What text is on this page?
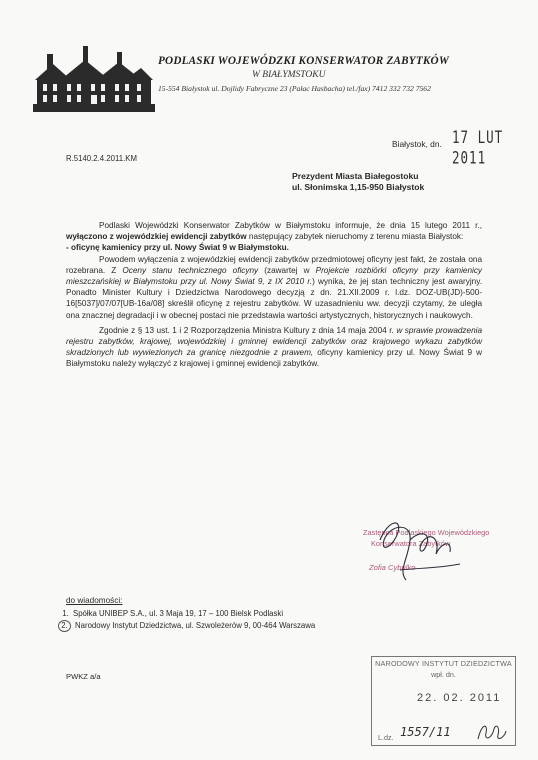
PODLASKI WOJEWÓDZKI KONSERWATOR ZABYTKÓW
W BIAŁYMSTOKU
15-554 Białystok ul. Dojlidy Fabryczne 23 (Pałac Hasbacha) tel./fax) 7412 332 732 7562
Białystok, dn. 17 LUT 2011
R.5140.2.4.2011.KM
Prezydent Miasta Białegostoku
ul. Słonimska 1,15-950 Białystok

Podlaski Wojewódzki Konserwator Zabytków w Białymstoku informuje, że dnia 15 lutego 2011 r., wyłączono z wojewódzkiej ewidencji zabytków następujący zabytek nieruchomy z terenu miasta Białystok:

- oficynę kamienicy przy ul. Nowy Świat 9 w Białymstoku.

Powodem wyłączenia z wojewódzkiej ewidencji zabytków przedmiotowej oficyny jest fakt, że została ona rozebrana. Z Oceny stanu technicznego oficyny (zawartej w Projekcie rozbiórki oficyny przy kamienicy mieszczańskiej w Białymstoku przy ul. Nowy Świat 9, z IX 2010 r.) wynika, że jej stan techniczny jest awaryjny. Ponadto Minister Kultury i Dziedzictwa Narodowego decyzją z dn. 21.XII.2009 r. l.dz. DOZ-UB(JD)-500-16[5037]/07/07[UB-16a/08] skreślił oficynę z rejestru zabytków. W uzasadnieniu ww. decyzji czytamy, że uległa ona znacznej degradacji i w obecnej postaci nie przedstawia wartości artystycznych, historycznych i naukowych.

Zgodnie z § 13 ust. 1 i 2 Rozporządzenia Ministra Kultury z dnia 14 maja 2004 r. w sprawie prowadzenia rejestru zabytków, krajowej, wojewódzkiej i gminnej ewidencji zabytków oraz krajowego wykazu zabytków skradzionych lub wywiezionych za granicę niezgodnie z prawem, oficyny kamienicy przy ul. Nowy Świat 9 w Białymstoku należy wyłączyć z krajowej i gminnej ewidencji zabytków.

Zastępca Podlaskiego Wojewódzkiego
Konserwatora Zabytków
Zofia Cybulko
do wiadomości:
1. Spółka UNIBEP S.A., ul. 3 Maja 19, 17 – 100 Bielsk Podlaski
2. Narodowy Instytut Dziedzictwa, ul. Szwoleżerów 9, 00-464 Warszawa
PWKZ a/a
NARODOWY INSTYTUT DZIEDZICTWA
wpł. dn.
22. 02. 2011
L.dz. 1557/11
